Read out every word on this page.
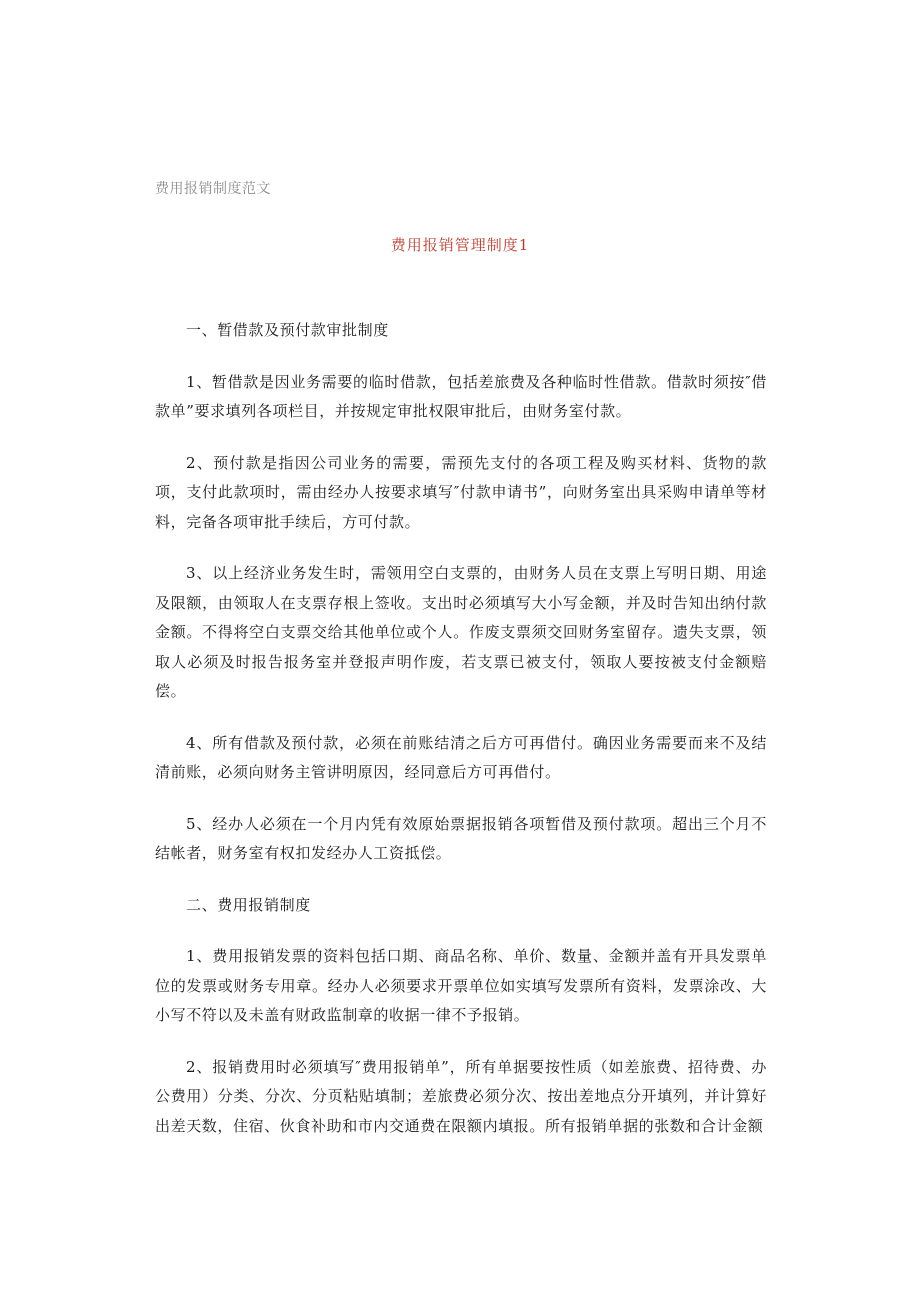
费用报销制度范文
费用报销管理制度1

一、暂借款及预付款审批制度

1、暂借款是因业务需要的临时借款，包括差旅费及各种临时性借款。借款时须按″借款单”要求填列各项栏目，并按规定审批权限审批后，由财务室付款。

2、预付款是指因公司业务的需要，需预先支付的各项工程及购买材料、货物的款项，支付此款项时，需由经办人按要求填写″付款申请书”，向财务室出具采购申请单等材料，完备各项审批手续后，方可付款。

3、以上经济业务发生时，需领用空白支票的，由财务人员在支票上写明日期、用途及限额，由领取人在支票存根上签收。支出时必须填写大小写金额，并及时告知出纳付款金额。不得将空白支票交给其他单位或个人。作废支票须交回财务室留存。遗失支票，领取人必须及时报告报务室并登报声明作废，若支票已被支付，领取人要按被支付金额赔偿。

4、所有借款及预付款，必须在前账结清之后方可再借付。确因业务需要而来不及结清前账，必须向财务主管讲明原因，经同意后方可再借付。

5、经办人必须在一个月内凭有效原始票据报销各项暂借及预付款项。超出三个月不结帐者，财务室有权扣发经办人工资抵偿。

二、费用报销制度

1、费用报销发票的资料包括口期、商品名称、单价、数量、金额并盖有开具发票单位的发票或财务专用章。经办人必须要求开票单位如实填写发票所有资料，发票涂改、大小写不符以及未盖有财政监制章的收据一律不予报销。

2、报销费用时必须填写″费用报销单”，所有单据要按性质（如差旅费、招待费、办公费用）分类、分次、分页粘贴填制；差旅费必须分次、按出差地点分开填列，并计算好出差天数，住宿、伙食补助和市内交通费在限额内填报。所有报销单据的张数和合计金额
